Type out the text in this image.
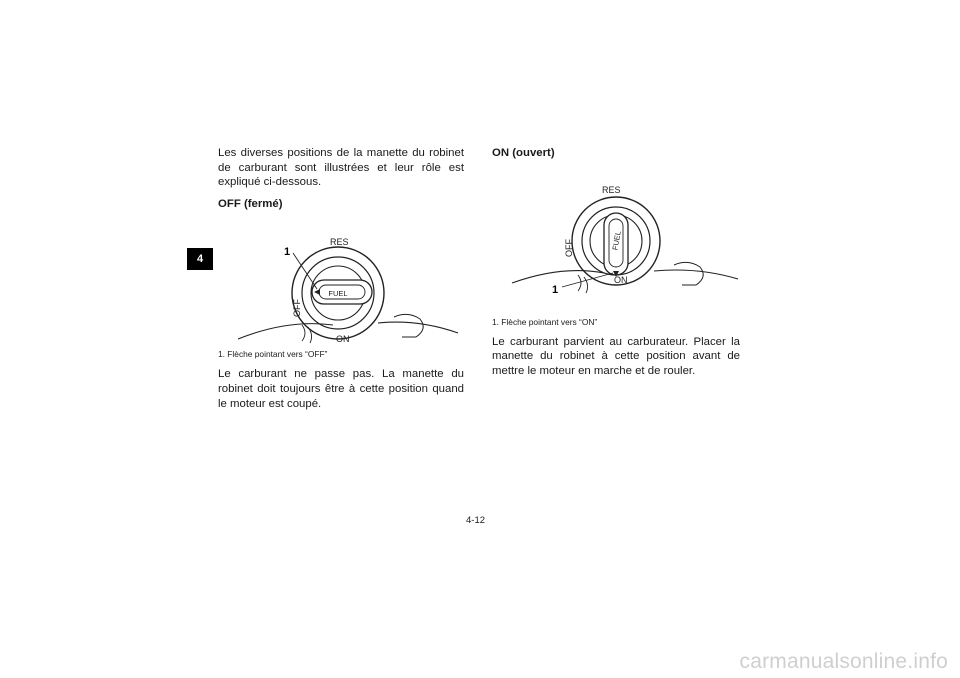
4

Les diverses positions de la manette du robinet de carburant sont illustrées et leur rôle est expliqué ci-dessous.

OFF (fermé)

FUEL
RES
OFF
ON
1

1. Flèche pointant vers “OFF”

Le carburant ne passe pas. La manette du robinet doit toujours être à cette position quand le moteur est coupé.

ON (ouvert)

FUEL
RES
OFF
ON
1

1. Flèche pointant vers “ON”

Le carburant parvient au carburateur. Placer la manette du robinet à cette position avant de mettre le moteur en marche et de rouler.

4-12
carmanualsonline.info
